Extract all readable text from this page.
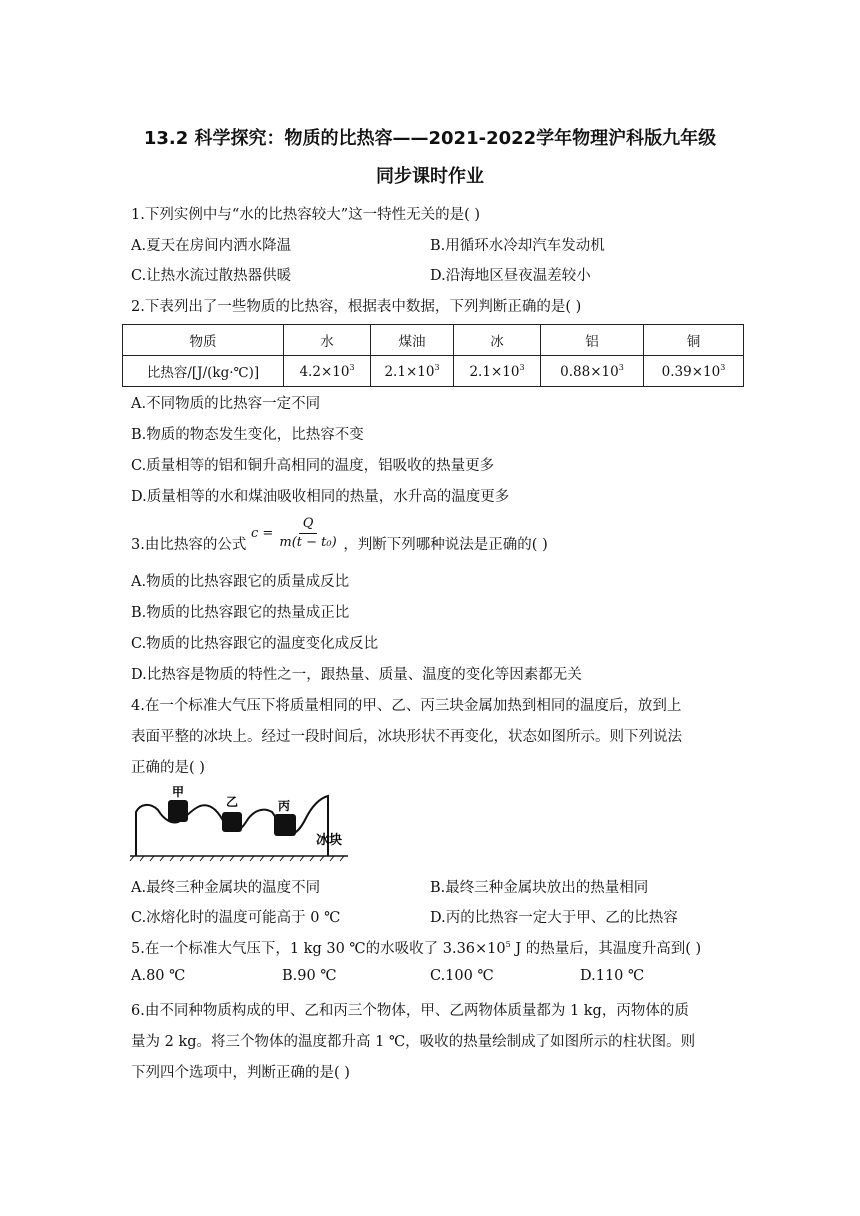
13.2 科学探究：物质的比热容——2021-2022学年物理沪科版九年级
同步课时作业
1.下列实例中与“水的比热容较大”这一特性无关的是( )
A.夏天在房间内洒水降温	B.用循环水冷却汽车发动机
C.让热水流过散热器供暖	D.沿海地区昼夜温差较小
2.下表列出了一些物质的比热容，根据表中数据，下列判断正确的是( )
物质	水	煤油	冰	铝	铜
比热容/[J/(kg·℃)]	$4.2\times 10^3$	$2.1\times 10^3$	$2.1\times 10^3$	$0.88\times 10^3$	$0.39\times 10^3$
A.不同物质的比热容一定不同
B.物质的物态发生变化，比热容不变
C.质量相等的铝和铜升高相同的温度，铝吸收的热量更多
D.质量相等的水和煤油吸收相同的热量，水升高的温度更多
3.由比热容的公式 $c = \frac{Q}{\text{m(t − t₀)}}$ ，判断下列哪种说法是正确的( )
A.物质的比热容跟它的质量成反比
B.物质的比热容跟它的热量成正比
C.物质的比热容跟它的温度变化成反比
D.比热容是物质的特性之一，跟热量、质量、温度的变化等因素都无关
4.在一个标准大气压下将质量相同的甲、乙、丙三块金属加热到相同的温度后，放到上
表面平整的冰块上。经过一段时间后，冰块形状不再变化，状态如图所示。则下列说法
正确的是( )
甲
乙	丙
冰块
A.最终三种金属块的温度不同	B.最终三种金属块放出的热量相同
C.冰熔化时的温度可能高于 0 ℃	D.丙的比热容一定大于甲、乙的比热容
5.在一个标准大气压下，1 kg 30 ℃的水吸收了 $3.36\times 10^5$ J 的热量后，其温度升高到( )
A.80 ℃	B.90 ℃	C.100 ℃	D.110 ℃
6.由不同种物质构成的甲、乙和丙三个物体，甲、乙两物体质量都为 1 kg，丙物体的质
量为 2 kg。将三个物体的温度都升高 1 ℃，吸收的热量绘制成了如图所示的柱状图。则
下列四个选项中，判断正确的是( )
